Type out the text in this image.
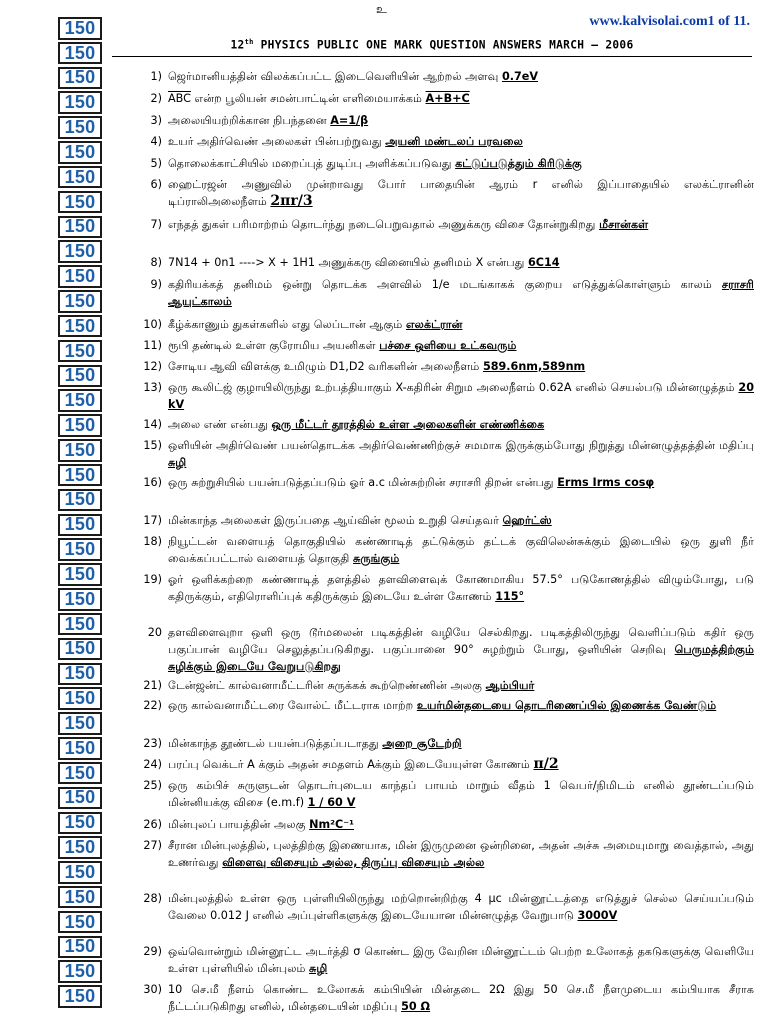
150
150
150
150
150
150
150
150
150
150
150
150
150
150
150
150
150
150
150
150
150
150
150
150
150
150
150
150
150
150
150
150
150
150
150
150
150
150
150
150
உ
www.kalvisolai.com1 of 11.
12th PHYSICS PUBLIC ONE MARK QUESTION ANSWERS MARCH – 2006
1) ஜெர்மானியத்தின் விலக்கப்பட்ட இடைவெளியின் ஆற்றல் அளவு 0.7eV
2) $\overline{ABC}$ என்ற பூலியன் சமன்பாட்டின் எளிமையாக்கம் A+B+C
3) அலையியற்றிக்கான நிபந்தனை A=1/β
4) உயர் அதிர்வெண் அலைகள் பின்பற்றுவது அயனி மண்டலப் பரவலை
5) தொலைக்காட்சியில் மறைப்புத் துடிப்பு அளிக்கப்படுவது கட்டுப்படுத்தும் கிரிடுக்கு
6) ஹைட்ரஜன் அணுவில் முன்றாவது போர் பாதையின் ஆரம் r எனில் இப்பாதையில் எலக்ட்ரானின் டிப்ராலிஅலைநீளம் 2πr/3
7) எந்தத் துகள் பரிமாற்றம் தொடர்ந்து நடைபெறுவதால் அணுக்கரு விசை தோன்றுகிறது மீசான்கள்
8) 7N14 + 0n1 ----> X + 1H1 அணுக்கரு வினையில் தனிமம் X என்பது 6C14
9) கதிரியக்கத் தனிமம் ஒன்று தொடக்க அளவில் 1/e மடங்காகக் குறைய எடுத்துக்கொள்ளும் காலம் சராசரி ஆயுட்காலம்
10) கீழ்க்காணும் துகள்களில் எது லெப்டான் ஆகும் எலக்ட்ரான்
11) ரூபி தண்டில் உள்ள குரோமிய அயனிகள் பச்சை ஒளியை உட்கவரும்
12) சோடிய ஆவி விளக்கு உமிழும் D1,D2 வரிகளின் அலைநீளம் 589.6nm,589nm
13) ஒரு கூலிட்ஜ் குழாயிலிருந்து உற்பத்தியாகும் X-கதிரின் சிறும அலைநீளம் 0.62A எனில் செயல்படு மின்னழுத்தம் 20 kV
14) அலை எண் என்பது ஒரு மீட்டர் தூரத்தில் உள்ள அலைகளின் எண்ணிக்கை
15) ஒளியின் அதிர்வெண் பயன்தொடக்க அதிர்வெண்ணிற்குச் சமமாக இருக்கும்போது நிறுத்து மின்னழுத்தத்தின் மதிப்பு சுழி
16) ஒரு சுற்றுசியில் பயன்படுத்தப்படும் ஓர் a.c மின்சுற்றின் சராசரி திறன் என்பது Erms Irms cosφ
17) மின்காந்த அலைகள் இருப்பதை ஆய்வின் மூலம் உறுதி செய்தவர் ஹெர்ட்ஸ்
18) நியூட்டன் வளையத் தொகுதியில் கண்ணாடித் தட்டுக்கும் தட்டக் குவிலென்சுக்கும் இடையில் ஒரு துளி நீர் வைக்கப்பட்டால் வளையத் தொகுதி சுருங்கும்
19) ஓர் ஒளிக்கற்றை கண்ணாடித் தளத்தில் தளவிளைவுக் கோணமாகிய 57.5° படுகோணத்தில் விழும்போது, படு கதிருக்கும், எதிரொளிப்புக் கதிருக்கும் இடையே உள்ள கோணம் 115°
20 தளவிளைவுறா ஒளி ஒரு டூர்மலைன் படிகத்தின் வழியே செல்கிறது. படிகத்திலிருந்து வெளிப்படும் கதிர் ஒரு பகுப்பான் வழியே செலுத்தப்படுகிறது. பகுப்பானை 90° சுழற்றும் போது, ஒளியின் செறிவு பெருமத்திற்கும் சுழிக்கும் இடையே வேறுபடுகிறது
21) டேன்ஜன்ட் கால்வனாமீட்டரின் சுருக்கக் கூற்றெண்ணின் அலகு ஆம்பியர்
22) ஒரு கால்வனாமீட்டரை வோல்ட் மீட்டராக மாற்ற உயர்மின்தடையை தொடரிணைப்பில் இணைக்க வேண்டும்
23) மின்காந்த தூண்டல் பயன்படுத்தப்படாதது அறை சூடேற்றி
24) பரப்பு வெக்டர் A க்கும் அதன் சமதளம் Aக்கும் இடையேயுள்ள கோணம் π/2
25) ஒரு கம்பிச் சுருளுடன் தொடர்புடைய காந்தப் பாயம் மாறும் வீதம் 1 வெபர்/நிமிடம் எனில் தூண்டப்படும் மின்னியக்கு விசை (e.m.f) 1 / 60 V
26) மின்புலப் பாயத்தின் அலகு Nm²C⁻¹
27) சீரான மின்புலத்தில், புலத்திற்கு இணையாக, மின் இருமுனை ஒன்றினை, அதன் அச்சு அமையுமாறு வைத்தால், அது உணர்வது விளைவு விசையும் அல்ல, திருப்பு விசையும் அல்ல
28) மின்புலத்தில் உள்ள ஒரு புள்ளியிலிருந்து மற்றொன்றிற்கு 4 μc மின்னூட்டத்தை எடுத்துச் செல்ல செய்யப்படும் வேலை 0.012 J எனில் அப்புள்ளிகளுக்கு இடையேயான மின்னழுத்த வேறுபாடு 3000V
29) ஒவ்வொன்றும் மின்னூட்ட அடர்த்தி σ கொண்ட இரு வேறின மின்னூட்டம் பெற்ற உலோகத் தகடுகளுக்கு வெளியே உள்ள புள்ளியில் மின்புலம் சுழி
30) 10 செ.மீ நீளம் கொண்ட உலோகக் கம்பியின் மின்தடை 2Ω இது 50 செ.மீ நீளமுடைய கம்பியாக சீராக நீட்டப்படுகிறது எனில், மின்தடையின் மதிப்பு 50 Ω
